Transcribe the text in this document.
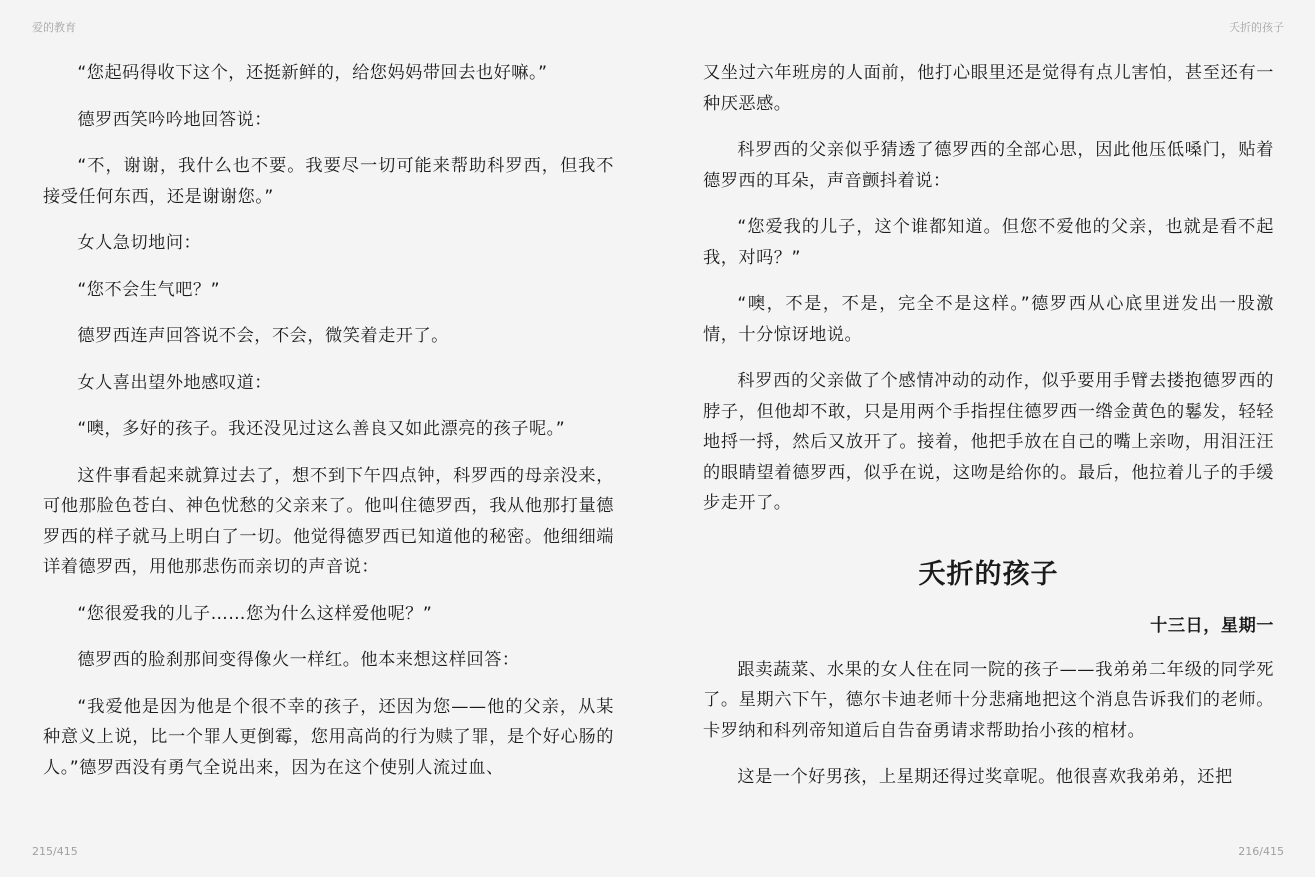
爱的教育	夭折的孩子

“您起码得收下这个，还挺新鲜的，给您妈妈带回去也好嘛。”

德罗西笑吟吟地回答说：

“不，谢谢，我什么也不要。我要尽一切可能来帮助科罗西，但我不接受任何东西，还是谢谢您。”

女人急切地问：

“您不会生气吧？”

德罗西连声回答说不会，不会，微笑着走开了。

女人喜出望外地感叹道：

“噢，多好的孩子。我还没见过这么善良又如此漂亮的孩子呢。”

这件事看起来就算过去了，想不到下午四点钟，科罗西的母亲没来，可他那脸色苍白、神色忧愁的父亲来了。他叫住德罗西，我从他那打量德罗西的样子就马上明白了一切。他觉得德罗西已知道他的秘密。他细细端详着德罗西，用他那悲伤而亲切的声音说：

“您很爱我的儿子……您为什么这样爱他呢？”

德罗西的脸刹那间变得像火一样红。他本来想这样回答：

“我爱他是因为他是个很不幸的孩子，还因为您——他的父亲，从某种意义上说，比一个罪人更倒霉，您用高尚的行为赎了罪，是个好心肠的人。”德罗西没有勇气全说出来，因为在这个使别人流过血、

又坐过六年班房的人面前，他打心眼里还是觉得有点儿害怕，甚至还有一种厌恶感。

科罗西的父亲似乎猜透了德罗西的全部心思，因此他压低嗓门，贴着德罗西的耳朵，声音颤抖着说：

“您爱我的儿子，这个谁都知道。但您不爱他的父亲，也就是看不起我，对吗？”

“噢，不是，不是，完全不是这样。”德罗西从心底里迸发出一股激情，十分惊讶地说。

科罗西的父亲做了个感情冲动的动作，似乎要用手臂去搂抱德罗西的脖子，但他却不敢，只是用两个手指捏住德罗西一绺金黄色的鬈发，轻轻地捋一捋，然后又放开了。接着，他把手放在自己的嘴上亲吻，用泪汪汪的眼睛望着德罗西，似乎在说，这吻是给你的。最后，他拉着儿子的手缓步走开了。

夭折的孩子
十三日，星期一

跟卖蔬菜、水果的女人住在同一院的孩子——我弟弟二年级的同学死了。星期六下午，德尔卡迪老师十分悲痛地把这个消息告诉我们的老师。卡罗纳和科列帝知道后自告奋勇请求帮助抬小孩的棺材。

这是一个好男孩，上星期还得过奖章呢。他很喜欢我弟弟，还把

215/415	216/415
